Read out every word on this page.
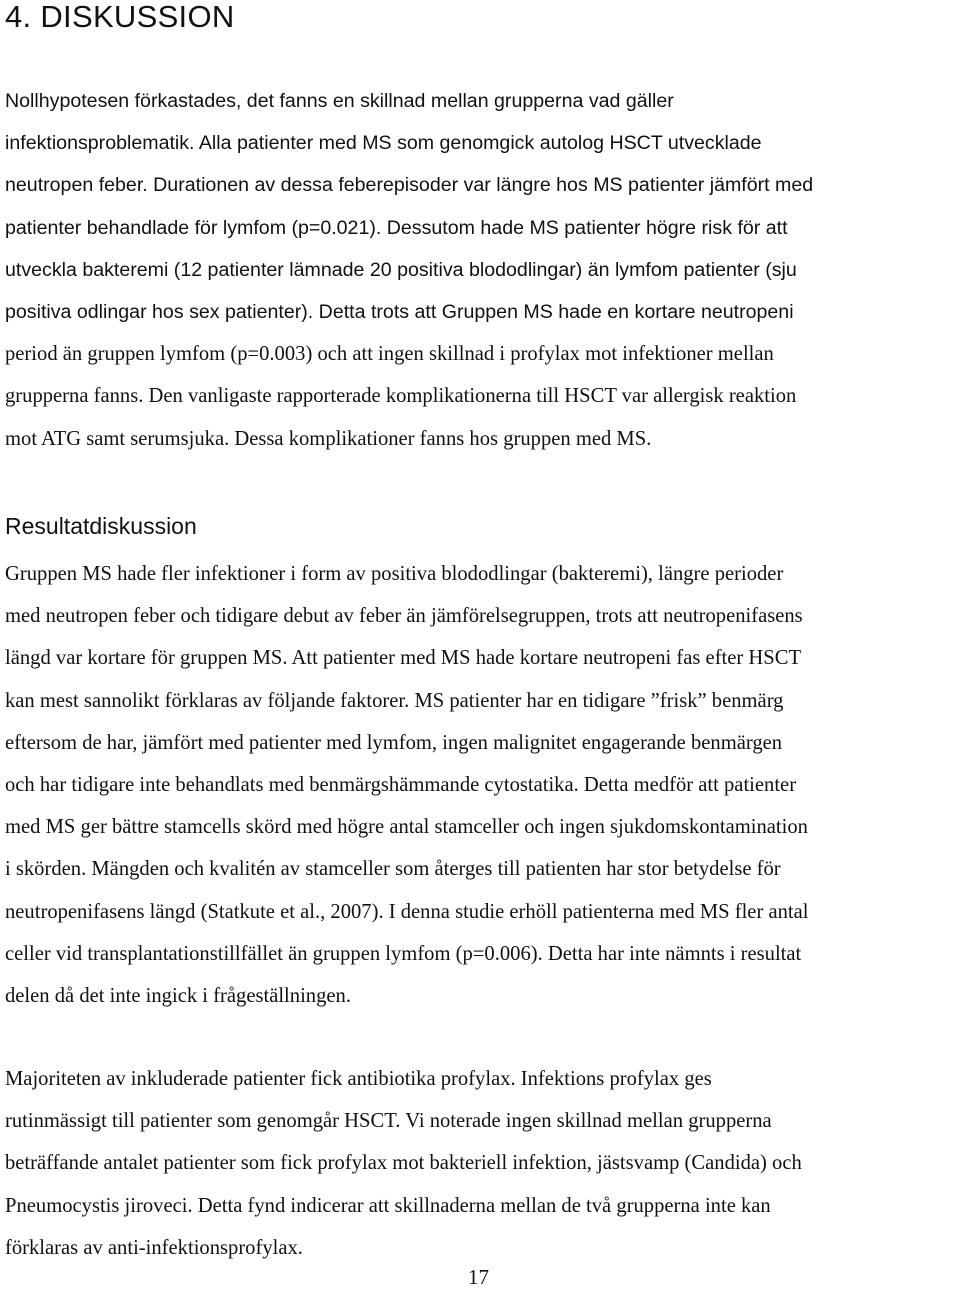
4. DISKUSSION

Nollhypotesen förkastades, det fanns en skillnad mellan grupperna vad gäller
infektionsproblematik. Alla patienter med MS som genomgick autolog HSCT utvecklade
neutropen feber. Durationen av dessa feberepisoder var längre hos MS patienter jämfört med
patienter behandlade för lymfom (p=0.021). Dessutom hade MS patienter högre risk för att
utveckla bakteremi (12 patienter lämnade 20 positiva blododlingar) än lymfom patienter (sju
positiva odlingar hos sex patienter). Detta trots att Gruppen MS hade en kortare neutropeni
period än gruppen lymfom (p=0.003) och att ingen skillnad i profylax mot infektioner mellan
grupperna fanns. Den vanligaste rapporterade komplikationerna till HSCT var allergisk reaktion
mot ATG samt serumsjuka. Dessa komplikationer fanns hos gruppen med MS.

Resultatdiskussion

Gruppen MS hade fler infektioner i form av positiva blododlingar (bakteremi), längre perioder
med neutropen feber och tidigare debut av feber än jämförelsegruppen, trots att neutropenifasens
längd var kortare för gruppen MS. Att patienter med MS hade kortare neutropeni fas efter HSCT
kan mest sannolikt förklaras av följande faktorer. MS patienter har en tidigare ”frisk” benmärg
eftersom de har, jämfört med patienter med lymfom, ingen malignitet engagerande benmärgen
och har tidigare inte behandlats med benmärgshämmande cytostatika. Detta medför att patienter
med MS ger bättre stamcells skörd med högre antal stamceller och ingen sjukdomskontamination
i skörden. Mängden och kvalitén av stamceller som återges till patienten har stor betydelse för
neutropenifasens längd (Statkute et al., 2007). I denna studie erhöll patienterna med MS fler antal
celler vid transplantationstillfället än gruppen lymfom (p=0.006). Detta har inte nämnts i resultat
delen då det inte ingick i frågeställningen.

Majoriteten av inkluderade patienter fick antibiotika profylax. Infektions profylax ges
rutinmässigt till patienter som genomgår HSCT. Vi noterade ingen skillnad mellan grupperna
beträffande antalet patienter som fick profylax mot bakteriell infektion, jästsvamp (Candida) och
Pneumocystis jiroveci. Detta fynd indicerar att skillnaderna mellan de två grupperna inte kan
förklaras av anti-infektionsprofylax.

17
